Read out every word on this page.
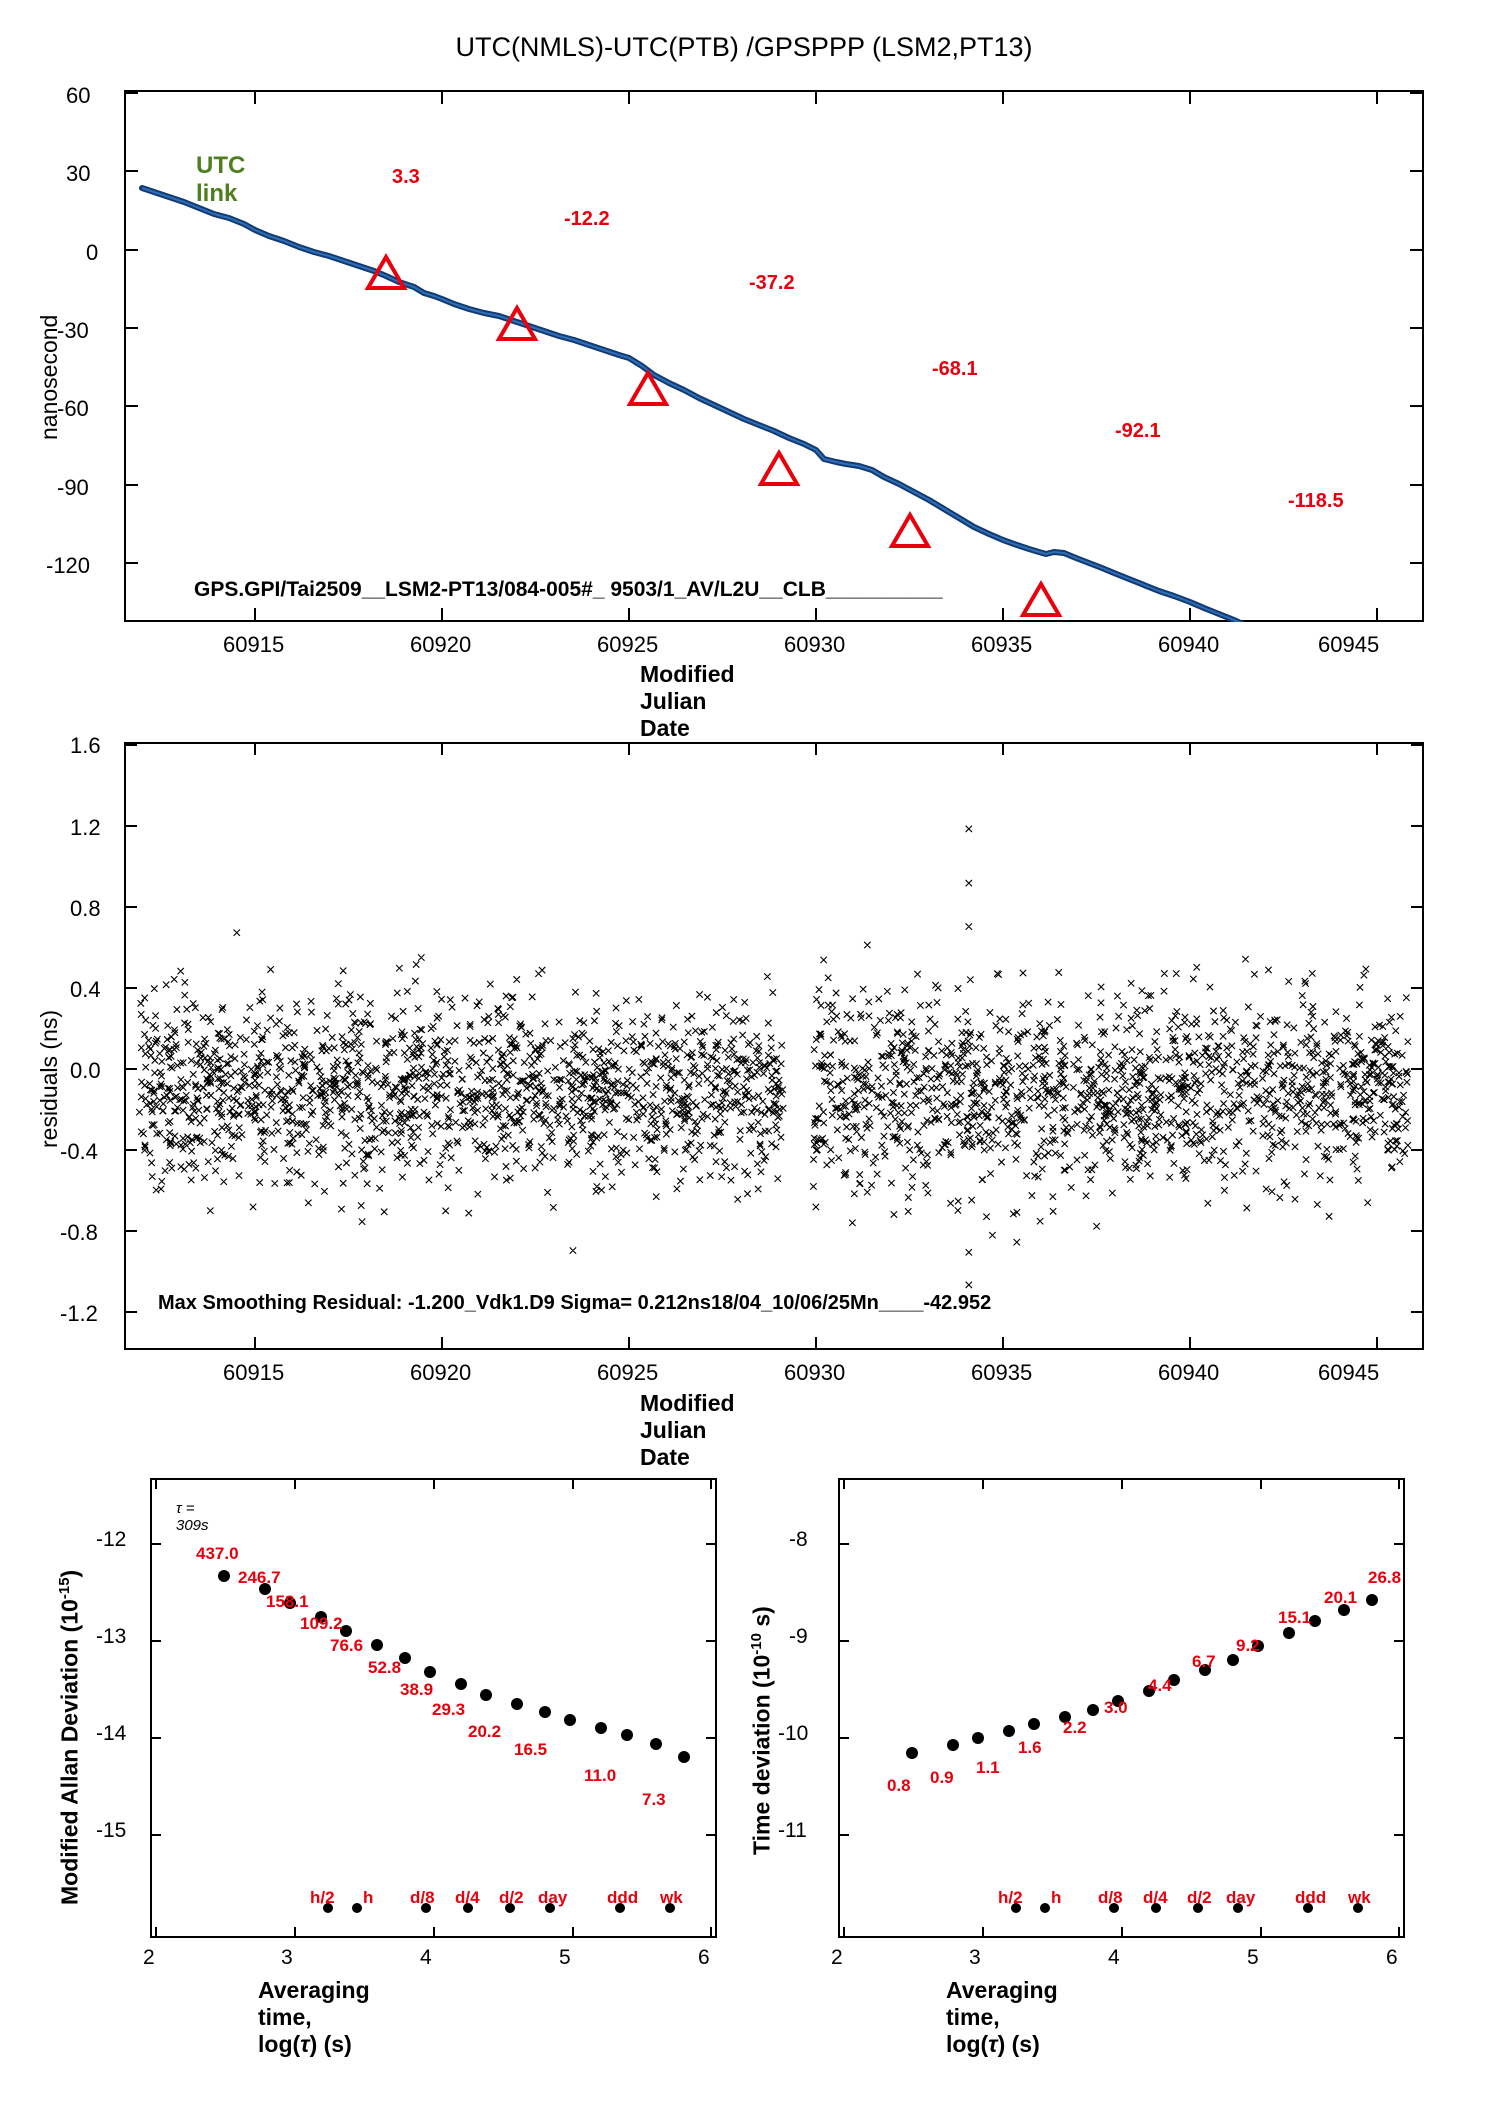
UTC(NMLS)-UTC(PTB) /GPSPPP (LSM2,PT13)
60
30
0
-30
-60
-90
-120
60915	60920	60925	60930	60935	60940	60945
Modified Julian Date
nanosecond
UTC link
GPS.GPI/Tai2509__LSM2-PT13/084-005#_ 9503/1_AV/L2U__CLB__________
3.3
-12.2
-37.2
-68.1
-92.1
-118.5
1.6
1.2
0.8
0.4
0.0
-0.4
-0.8
-1.2
60915	60920	60925	60930	60935	60940	60945
Modified Julian Date
residuals (ns)
Max Smoothing Residual: -1.200_Vdk1.D9 Sigma= 0.212ns18/04_10/06/25Mn____-42.952
-12
-13
-14
-15
2	3	4	5	6
Averaging time, log(τ) (s)
Modified Allan Deviation $(10^{-15})$
τ = 309s
437.0
246.7
158.1
109.2
76.6
52.8
38.9
29.3
20.2
16.5
11.0
7.3
h/2 h d/8 d/4 d/2 day ddd wk
-8
-9
-10
-11
2	3	4	5	6
Averaging time, log(τ) (s)
Time deviation ($10^{-10}$ s)
0.8 0.9
1.1
1.6
2.2
3.0
4.4
6.7
9.2
15.1
20.1
26.8
h/2 h d/8 d/4 d/2 day ddd wk
